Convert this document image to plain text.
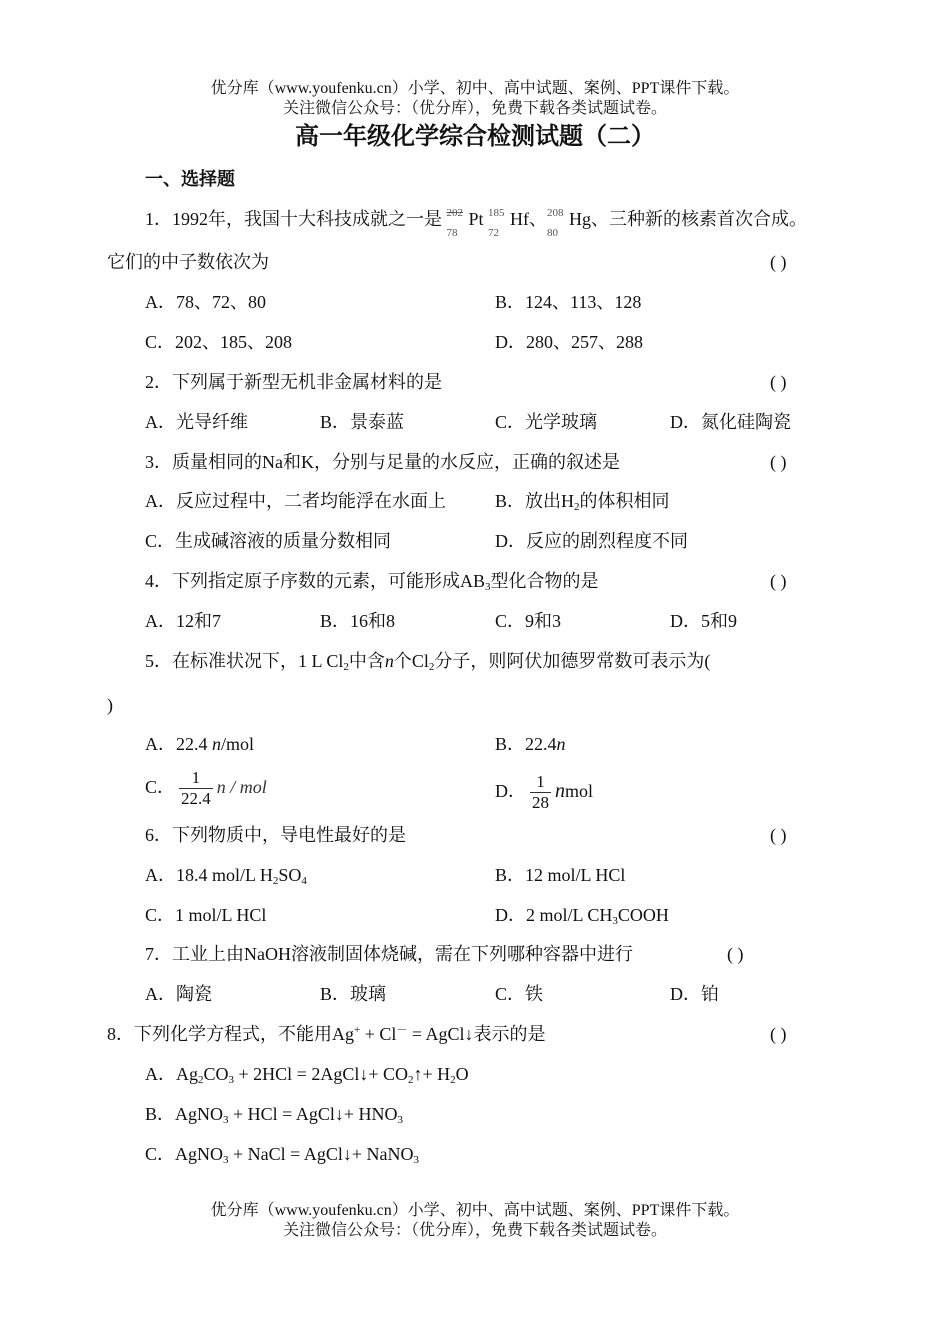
优分库（www.youfenku.cn）小学、初中、高中试题、案例、PPT课件下载。
关注微信公众号：（优分库），免费下载各类试题试卷。
高一年级化学综合检测试题（二）
一、选择题
1．1992年，我国十大科技成就之一是 202
78
Pt 185
72
Hf、 208
80
Hg、三种新的核素首次合成。
它们的中子数依次为	( )
A．78、72、80	B．124、113、128
C．202、185、208	D．280、257、288
2．下列属于新型无机非金属材料的是	( )
A．光导纤维	B．景泰蓝	C．光学玻璃	D．氮化硅陶瓷
3．质量相同的Na和K，分别与足量的水反应，正确的叙述是	( )
A．反应过程中，二者均能浮在水面上	B．放出$H_2$的体积相同
C．生成碱溶液的质量分数相同	D．反应的剧烈程度不同
4．下列指定原子序数的元素，可能形成$AB_3$型化合物的是	( )
A．12和7	B．16和8	C．9和3	D．5和9
5．在标准状况下，1 L $Cl_2$中含n个$Cl_2$分子，则阿伏加德罗常数可表示为(
)
A．22.4 n/mol	B．22.4n
C． $\frac{1}{22.4}$ n / mol	D． $\frac{1}{28}$ nmol
6．下列物质中，导电性最好的是	( )
A．18.4 mol/L $H_2SO_4$	B．12 mol/L HCl
C．1 mol/L HCl	D．2 mol/L $CH_3COOH$
7．工业上由NaOH溶液制固体烧碱，需在下列哪种容器中进行	( )
A．陶瓷	B．玻璃	C．铁	D．铂
8．下列化学方程式，不能用Ag+ + Cl－ = AgCl↓表示的是	( )
A．$Ag_2CO_3 + 2HCl$ = 2AgCl↓+ $CO_2↑+ H_2O$
B．AgNO$_3$ + HCl = AgCl↓+ $HNO_3$
C．AgNO$_3$ + NaCl = AgCl↓+ NaNO$_3$
优分库（www.youfenku.cn）小学、初中、高中试题、案例、PPT课件下载。
关注微信公众号：（优分库），免费下载各类试题试卷。
